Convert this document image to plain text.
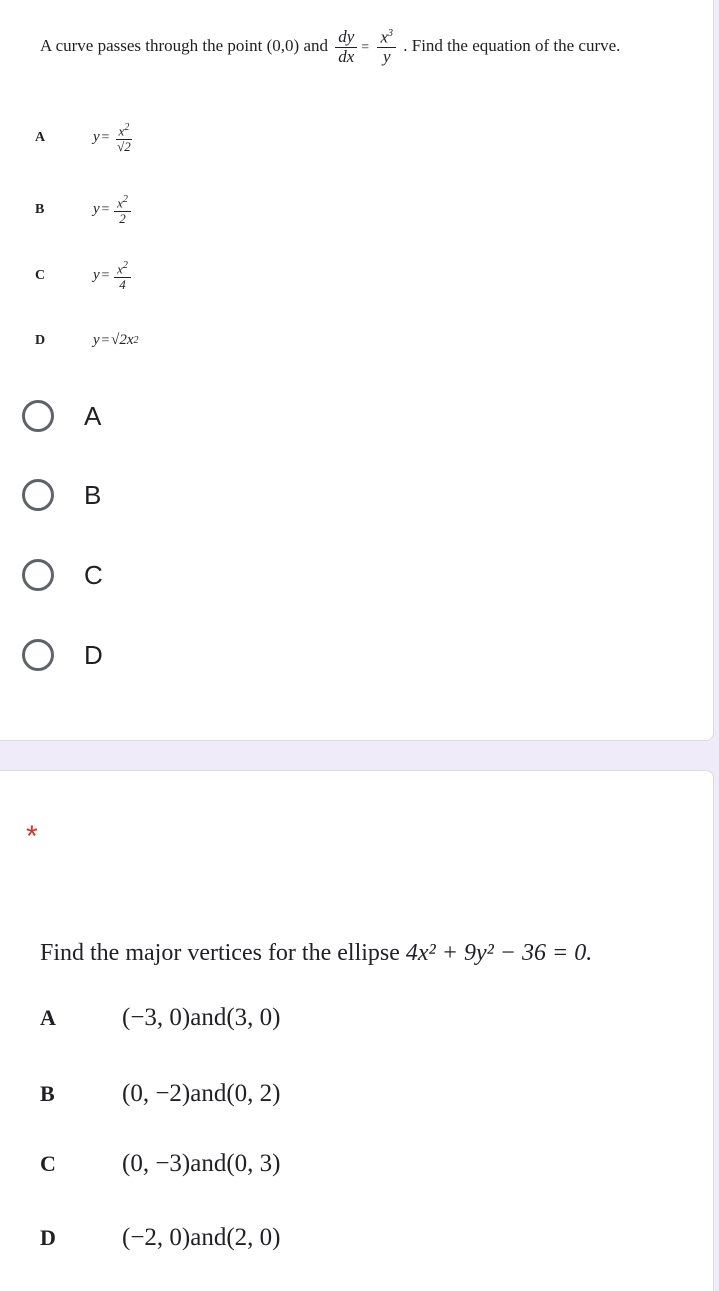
A curve passes through the point (0,0) and $\frac{dy}{dx} = \frac{x^3}{y}$ . Find the equation of the curve.
A	$y = \frac{x^2}{√2}$
B	$y = \frac{x^2}{2}$
C	$y = \frac{x^2}{4}$
D	y = √2x 2
A
B
C
D
*
Find the major vertices for the ellipse 4x² + 9y² − 36 = 0.
A	(−3, 0)and(3, 0)
B	(0, −2)and(0, 2)
C	(0, −3)and(0, 3)
D	(−2, 0)and(2, 0)
